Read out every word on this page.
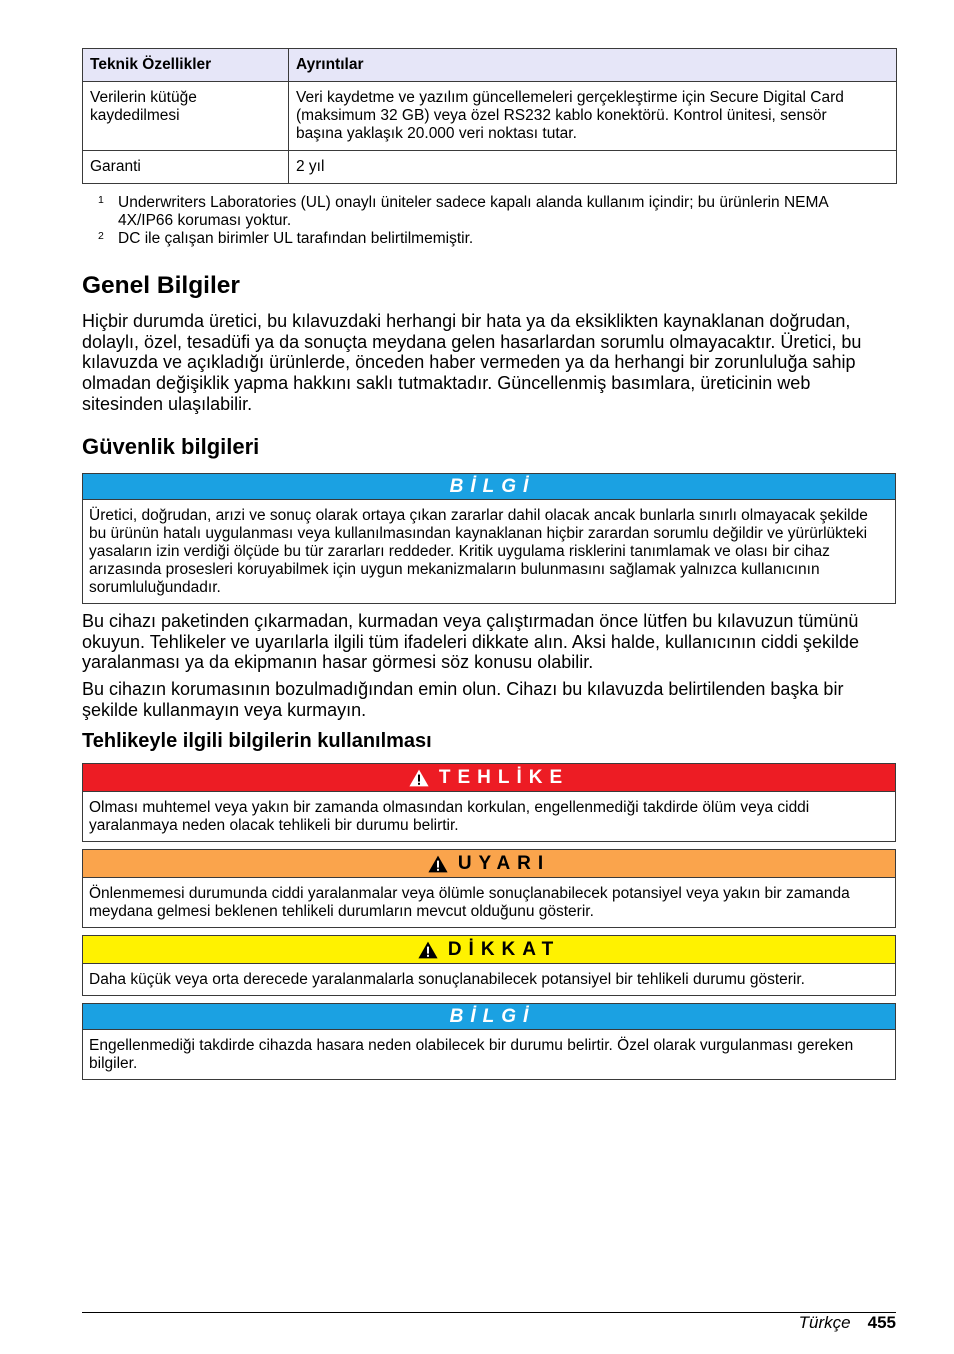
Teknik Özellikler	Ayrıntılar
Verilerin kütüğe kaydedilmesi	Veri kaydetme ve yazılım güncellemeleri gerçekleştirme için Secure Digital Card (maksimum 32 GB) veya özel RS232 kablo konektörü. Kontrol ünitesi, sensör başına yaklaşık 20.000 veri noktası tutar.
Garanti	2 yıl
1 Underwriters Laboratories (UL) onaylı üniteler sadece kapalı alanda kullanım içindir; bu ürünlerin NEMA 4X/IP66 koruması yoktur.
2 DC ile çalışan birimler UL tarafından belirtilmemiştir.
Genel Bilgiler

Hiçbir durumda üretici, bu kılavuzdaki herhangi bir hata ya da eksiklikten kaynaklanan doğrudan, dolaylı, özel, tesadüfi ya da sonuçta meydana gelen hasarlardan sorumlu olmayacaktır. Üretici, bu kılavuzda ve açıkladığı ürünlerde, önceden haber vermeden ya da herhangi bir zorunluluğa sahip olmadan değişiklik yapma hakkını saklı tutmaktadır. Güncellenmiş basımlara, üreticinin web sitesinden ulaşılabilir.

Güvenlik bilgileri
BİLGİ
Üretici, doğrudan, arızi ve sonuç olarak ortaya çıkan zararlar dahil olacak ancak bunlarla sınırlı olmayacak şekilde bu ürünün hatalı uygulanması veya kullanılmasından kaynaklanan hiçbir zarardan sorumlu değildir ve yürürlükteki yasaların izin verdiği ölçüde bu tür zararları reddeder. Kritik uygulama risklerini tanımlamak ve olası bir cihaz arızasında prosesleri koruyabilmek için uygun mekanizmaların bulunmasını sağlamak yalnızca kullanıcının sorumluluğundadır.

Bu cihazı paketinden çıkarmadan, kurmadan veya çalıştırmadan önce lütfen bu kılavuzun tümünü okuyun. Tehlikeler ve uyarılarla ilgili tüm ifadeleri dikkate alın. Aksi halde, kullanıcının ciddi şekilde yaralanması ya da ekipmanın hasar görmesi söz konusu olabilir.

Bu cihazın korumasının bozulmadığından emin olun. Cihazı bu kılavuzda belirtilenden başka bir şekilde kullanmayın veya kurmayın.

Tehlikeyle ilgili bilgilerin kullanılması
TEHLİKE
Olması muhtemel veya yakın bir zamanda olmasından korkulan, engellenmediği takdirde ölüm veya ciddi yaralanmaya neden olacak tehlikeli bir durumu belirtir.
UYARI
Önlenmemesi durumunda ciddi yaralanmalar veya ölümle sonuçlanabilecek potansiyel veya yakın bir zamanda meydana gelmesi beklenen tehlikeli durumların mevcut olduğunu gösterir.
DİKKAT
Daha küçük veya orta derecede yaralanmalarla sonuçlanabilecek potansiyel bir tehlikeli durumu gösterir.
BİLGİ
Engellenmediği takdirde cihazda hasara neden olabilecek bir durumu belirtir. Özel olarak vurgulanması gereken bilgiler.
Türkçe 455
